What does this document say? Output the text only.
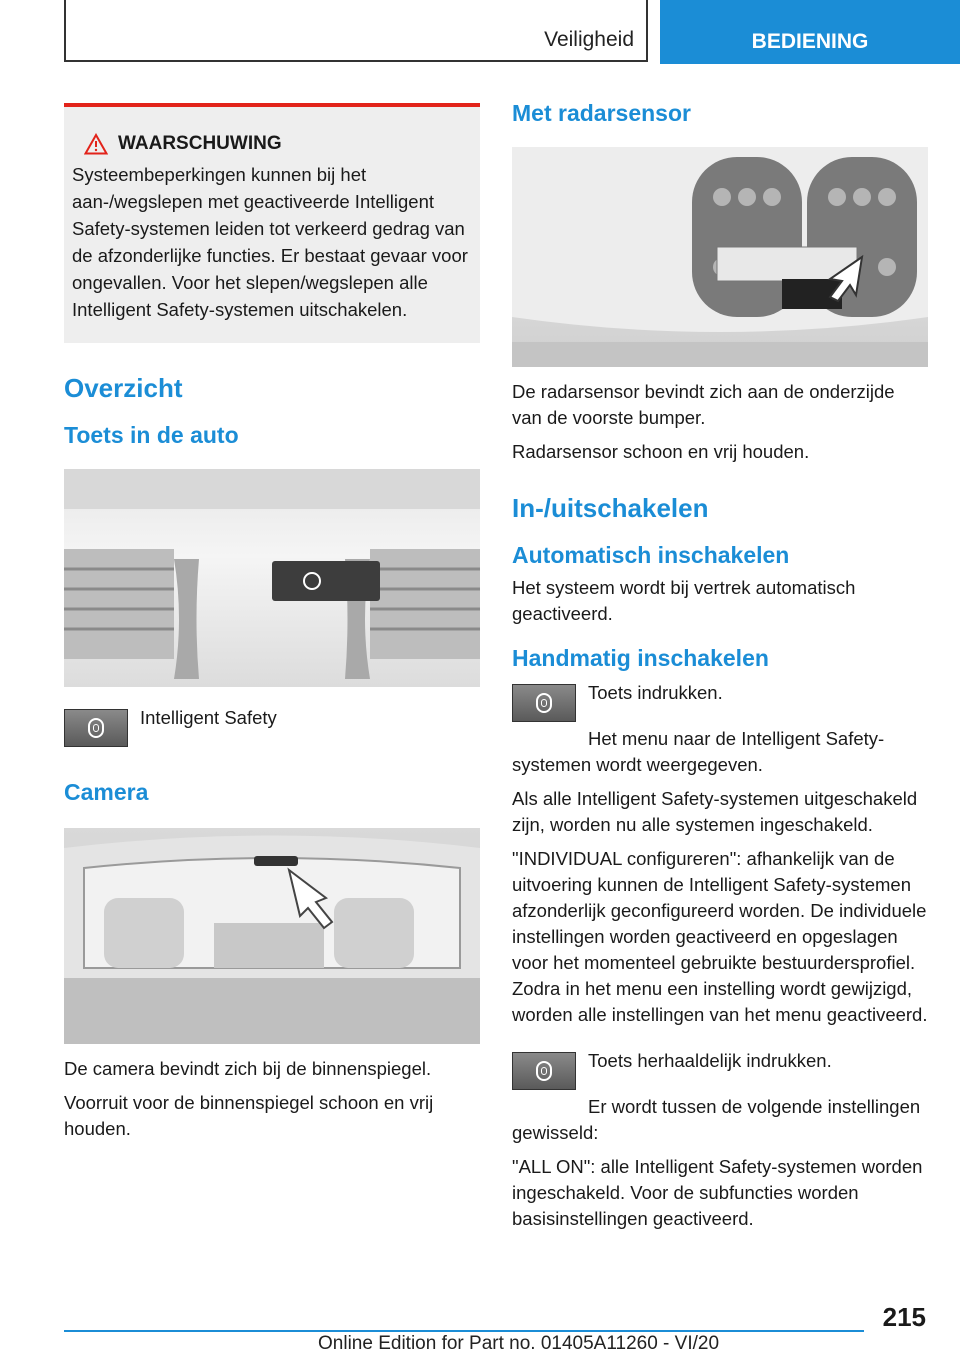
Veiligheid	BEDIENING
WAARSCHUWING
Systeembeperkingen kunnen bij het aan-/wegslepen met geactiveerde Intelligent Safety-systemen leiden tot verkeerd gedrag van de afzonderlijke functies. Er bestaat gevaar voor ongevallen. Voor het slepen/wegslepen alle Intelligent Safety-systemen uitschakelen.
Overzicht
Toets in de auto

Intelligent Safety

Camera

De camera bevindt zich bij de binnenspiegel.

Voorruit voor de binnenspiegel schoon en vrij houden.

Met radarsensor

De radarsensor bevindt zich aan de onderzijde van de voorste bumper.

Radarsensor schoon en vrij houden.

In-/uitschakelen
Automatisch inschakelen

Het systeem wordt bij vertrek automatisch geactiveerd.

Handmatig inschakelen

Toets indrukken.

Het menu naar de Intelligent Safety-systemen wordt weergegeven.

Als alle Intelligent Safety-systemen uitgeschakeld zijn, worden nu alle systemen ingeschakeld.

"INDIVIDUAL configureren": afhankelijk van de uitvoering kunnen de Intelligent Safety-systemen afzonderlijk geconfigureerd worden. De individuele instellingen worden geactiveerd en opgeslagen voor het momenteel gebruikte bestuurdersprofiel. Zodra in het menu een instelling wordt gewijzigd, worden alle instellingen van het menu geactiveerd.

Toets herhaaldelijk indrukken.

Er wordt tussen de volgende instellingen gewisseld:

"ALL ON": alle Intelligent Safety-systemen worden ingeschakeld. Voor de subfuncties worden basisinstellingen geactiveerd.

215
Online Edition for Part no. 01405A11260 - VI/20
